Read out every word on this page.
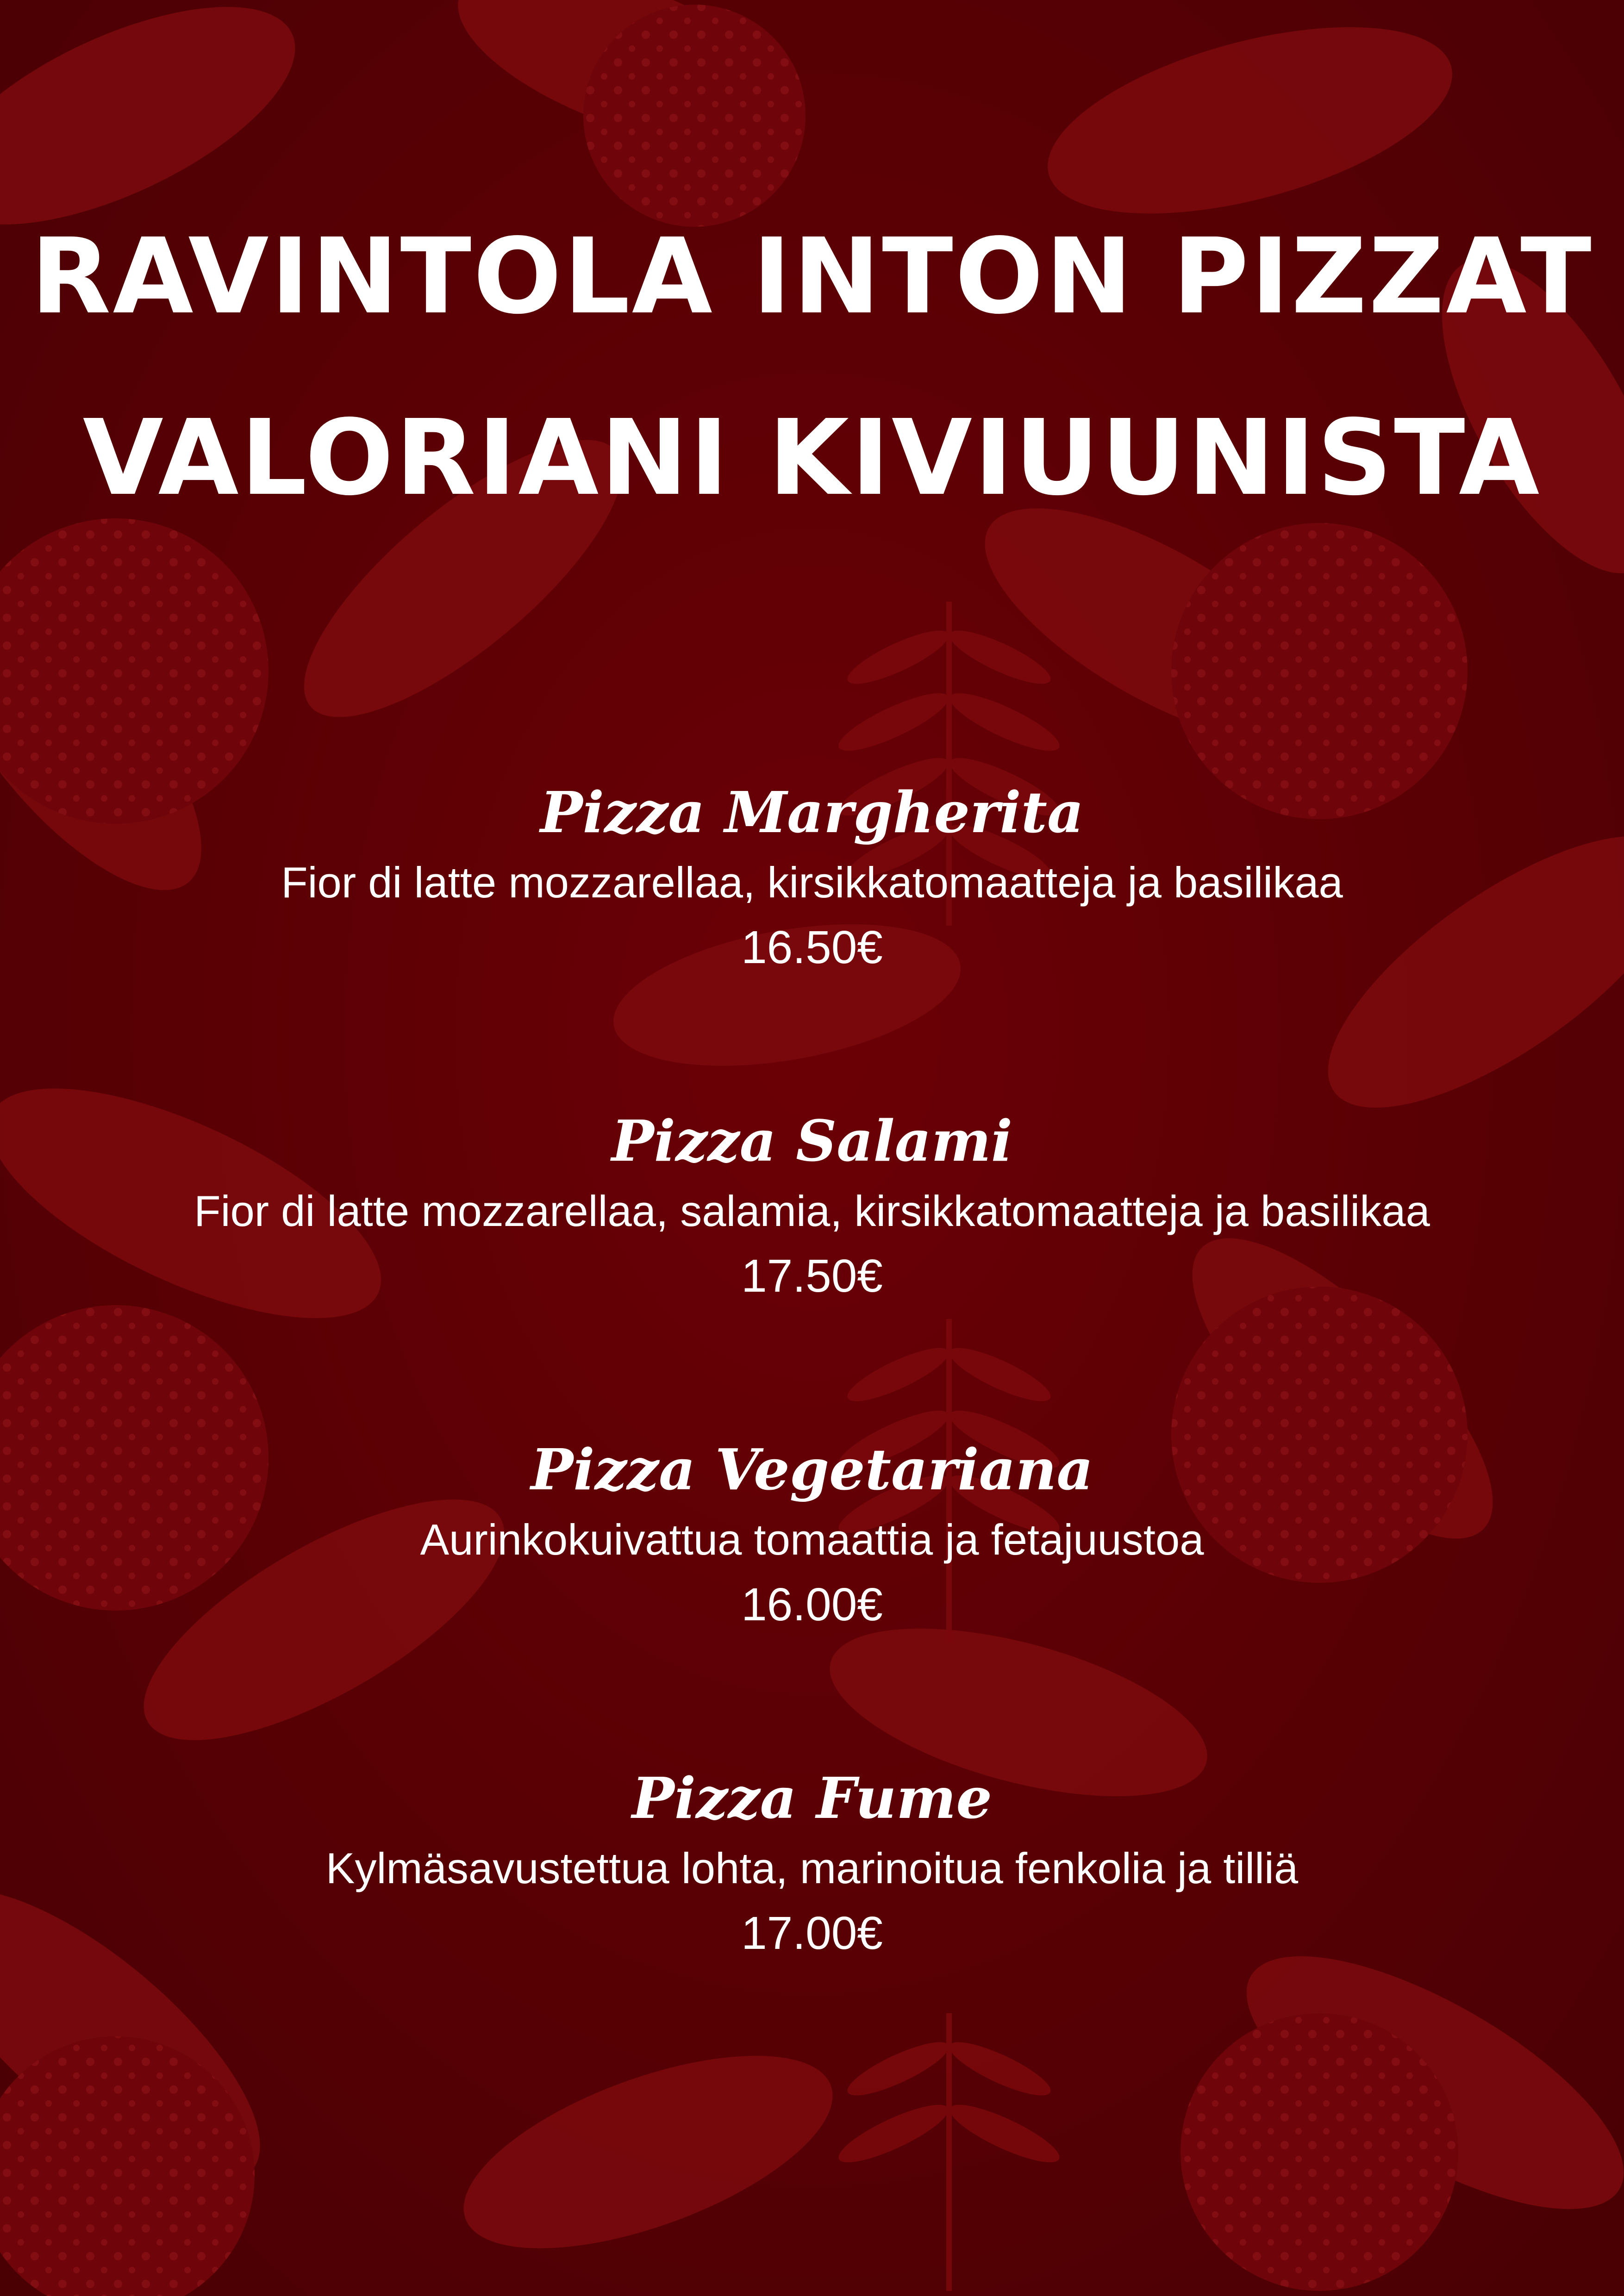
RAVINTOLA INTON PIZZAT
VALORIANI KIVIUUNISTA
Pizza Margherita
Fior di latte mozzarellaa, kirsikkatomaatteja ja basilikaa
16.50€
Pizza Salami
Fior di latte mozzarellaa, salamia, kirsikkatomaatteja ja basilikaa
17.50€
Pizza Vegetariana
Aurinkokuivattua tomaattia ja fetajuustoa
16.00€
Pizza Fume
Kylmäsavustettua lohta, marinoitua fenkolia ja tilliä
17.00€
